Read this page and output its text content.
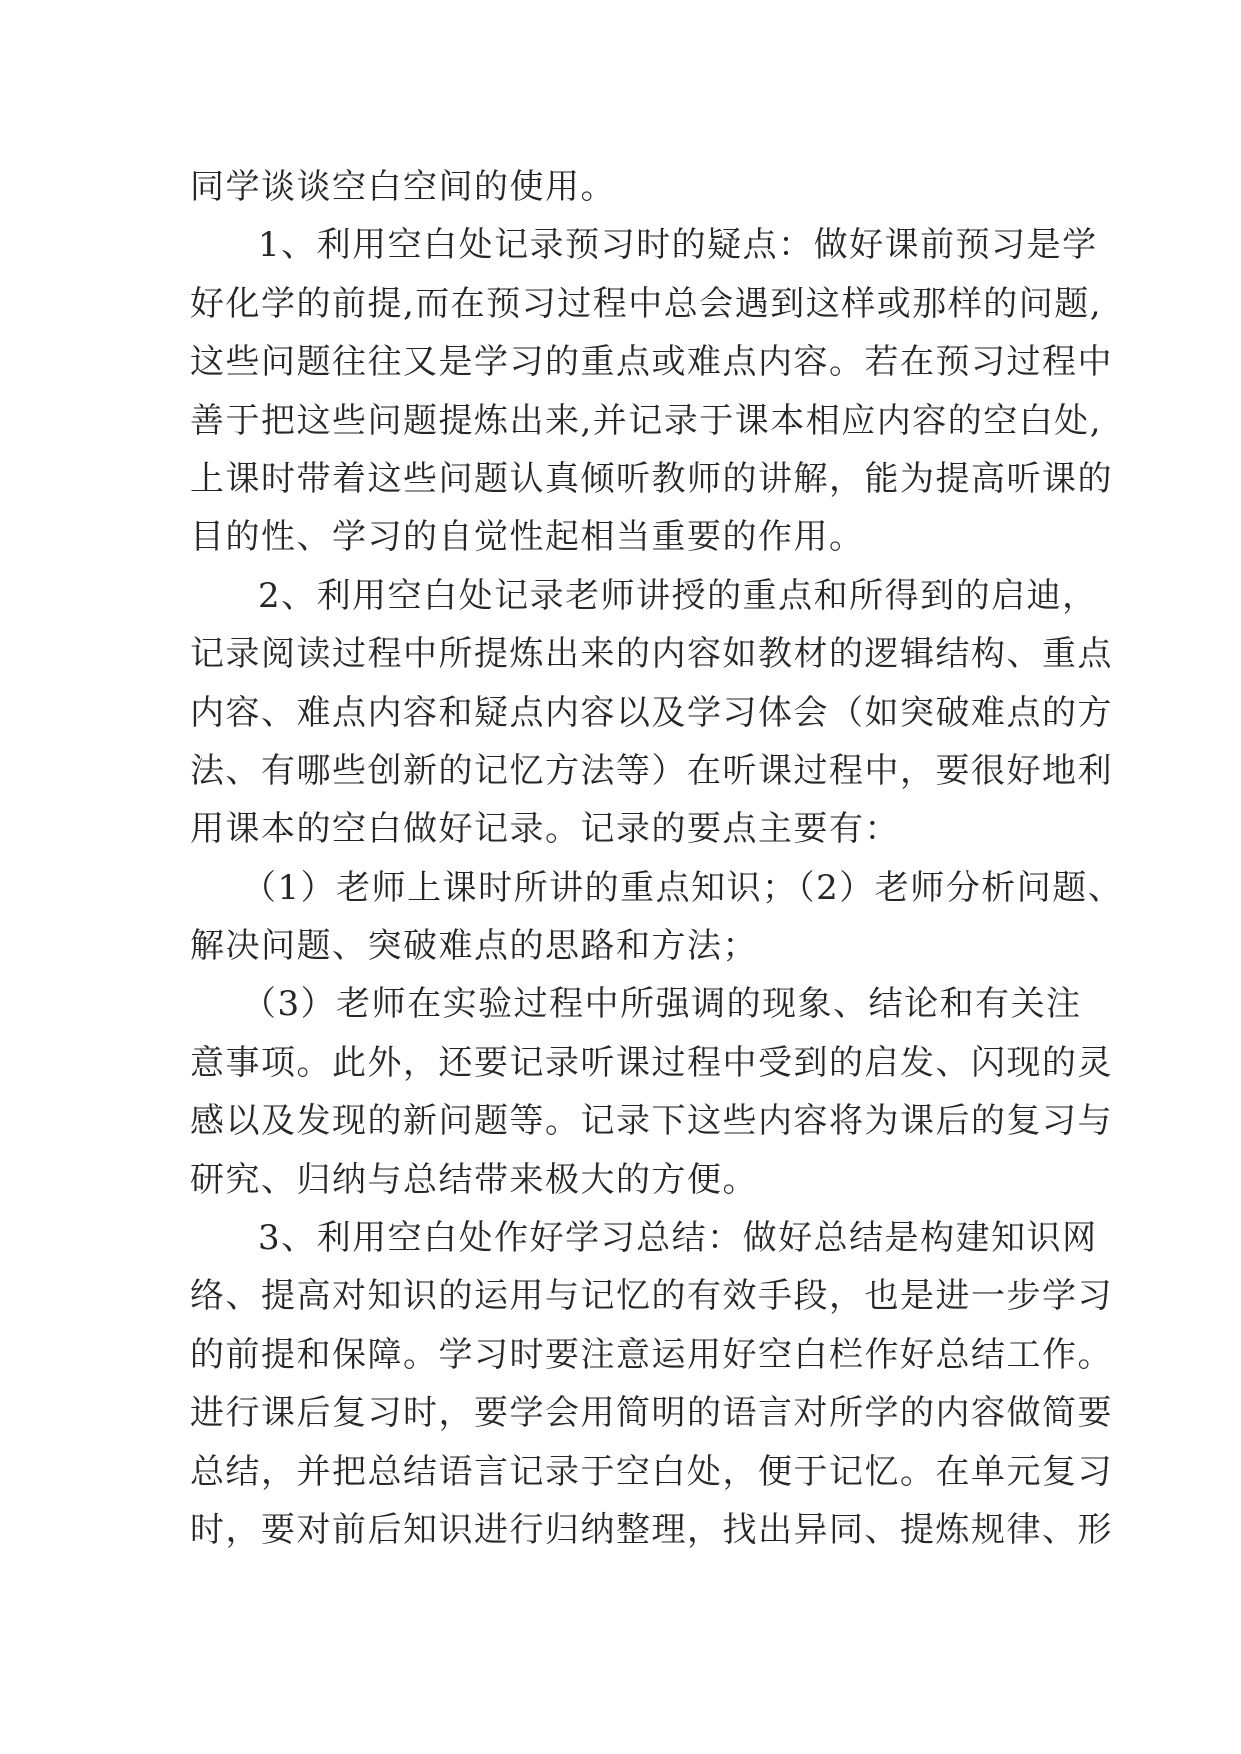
同学谈谈空白空间的使用。
1、利用空白处记录预习时的疑点：做好课前预习是学
好化学的前提,而在预习过程中总会遇到这样或那样的问题,
这些问题往往又是学习的重点或难点内容。若在预习过程中
善于把这些问题提炼出来,并记录于课本相应内容的空白处,
上课时带着这些问题认真倾听教师的讲解，能为提高听课的
目的性、学习的自觉性起相当重要的作用。
2、利用空白处记录老师讲授的重点和所得到的启迪，
记录阅读过程中所提炼出来的内容如教材的逻辑结构、重点
内容、难点内容和疑点内容以及学习体会（如突破难点的方
法、有哪些创新的记忆方法等）在听课过程中，要很好地利
用课本的空白做好记录。记录的要点主要有：
（1）老师上课时所讲的重点知识；（2）老师分析问题、
解决问题、突破难点的思路和方法；
（3）老师在实验过程中所强调的现象、结论和有关注
意事项。此外，还要记录听课过程中受到的启发、闪现的灵
感以及发现的新问题等。记录下这些内容将为课后的复习与
研究、归纳与总结带来极大的方便。
3、利用空白处作好学习总结：做好总结是构建知识网
络、提高对知识的运用与记忆的有效手段，也是进一步学习
的前提和保障。学习时要注意运用好空白栏作好总结工作。
进行课后复习时，要学会用简明的语言对所学的内容做简要
总结，并把总结语言记录于空白处，便于记忆。在单元复习
时，要对前后知识进行归纳整理，找出异同、提炼规律、形
